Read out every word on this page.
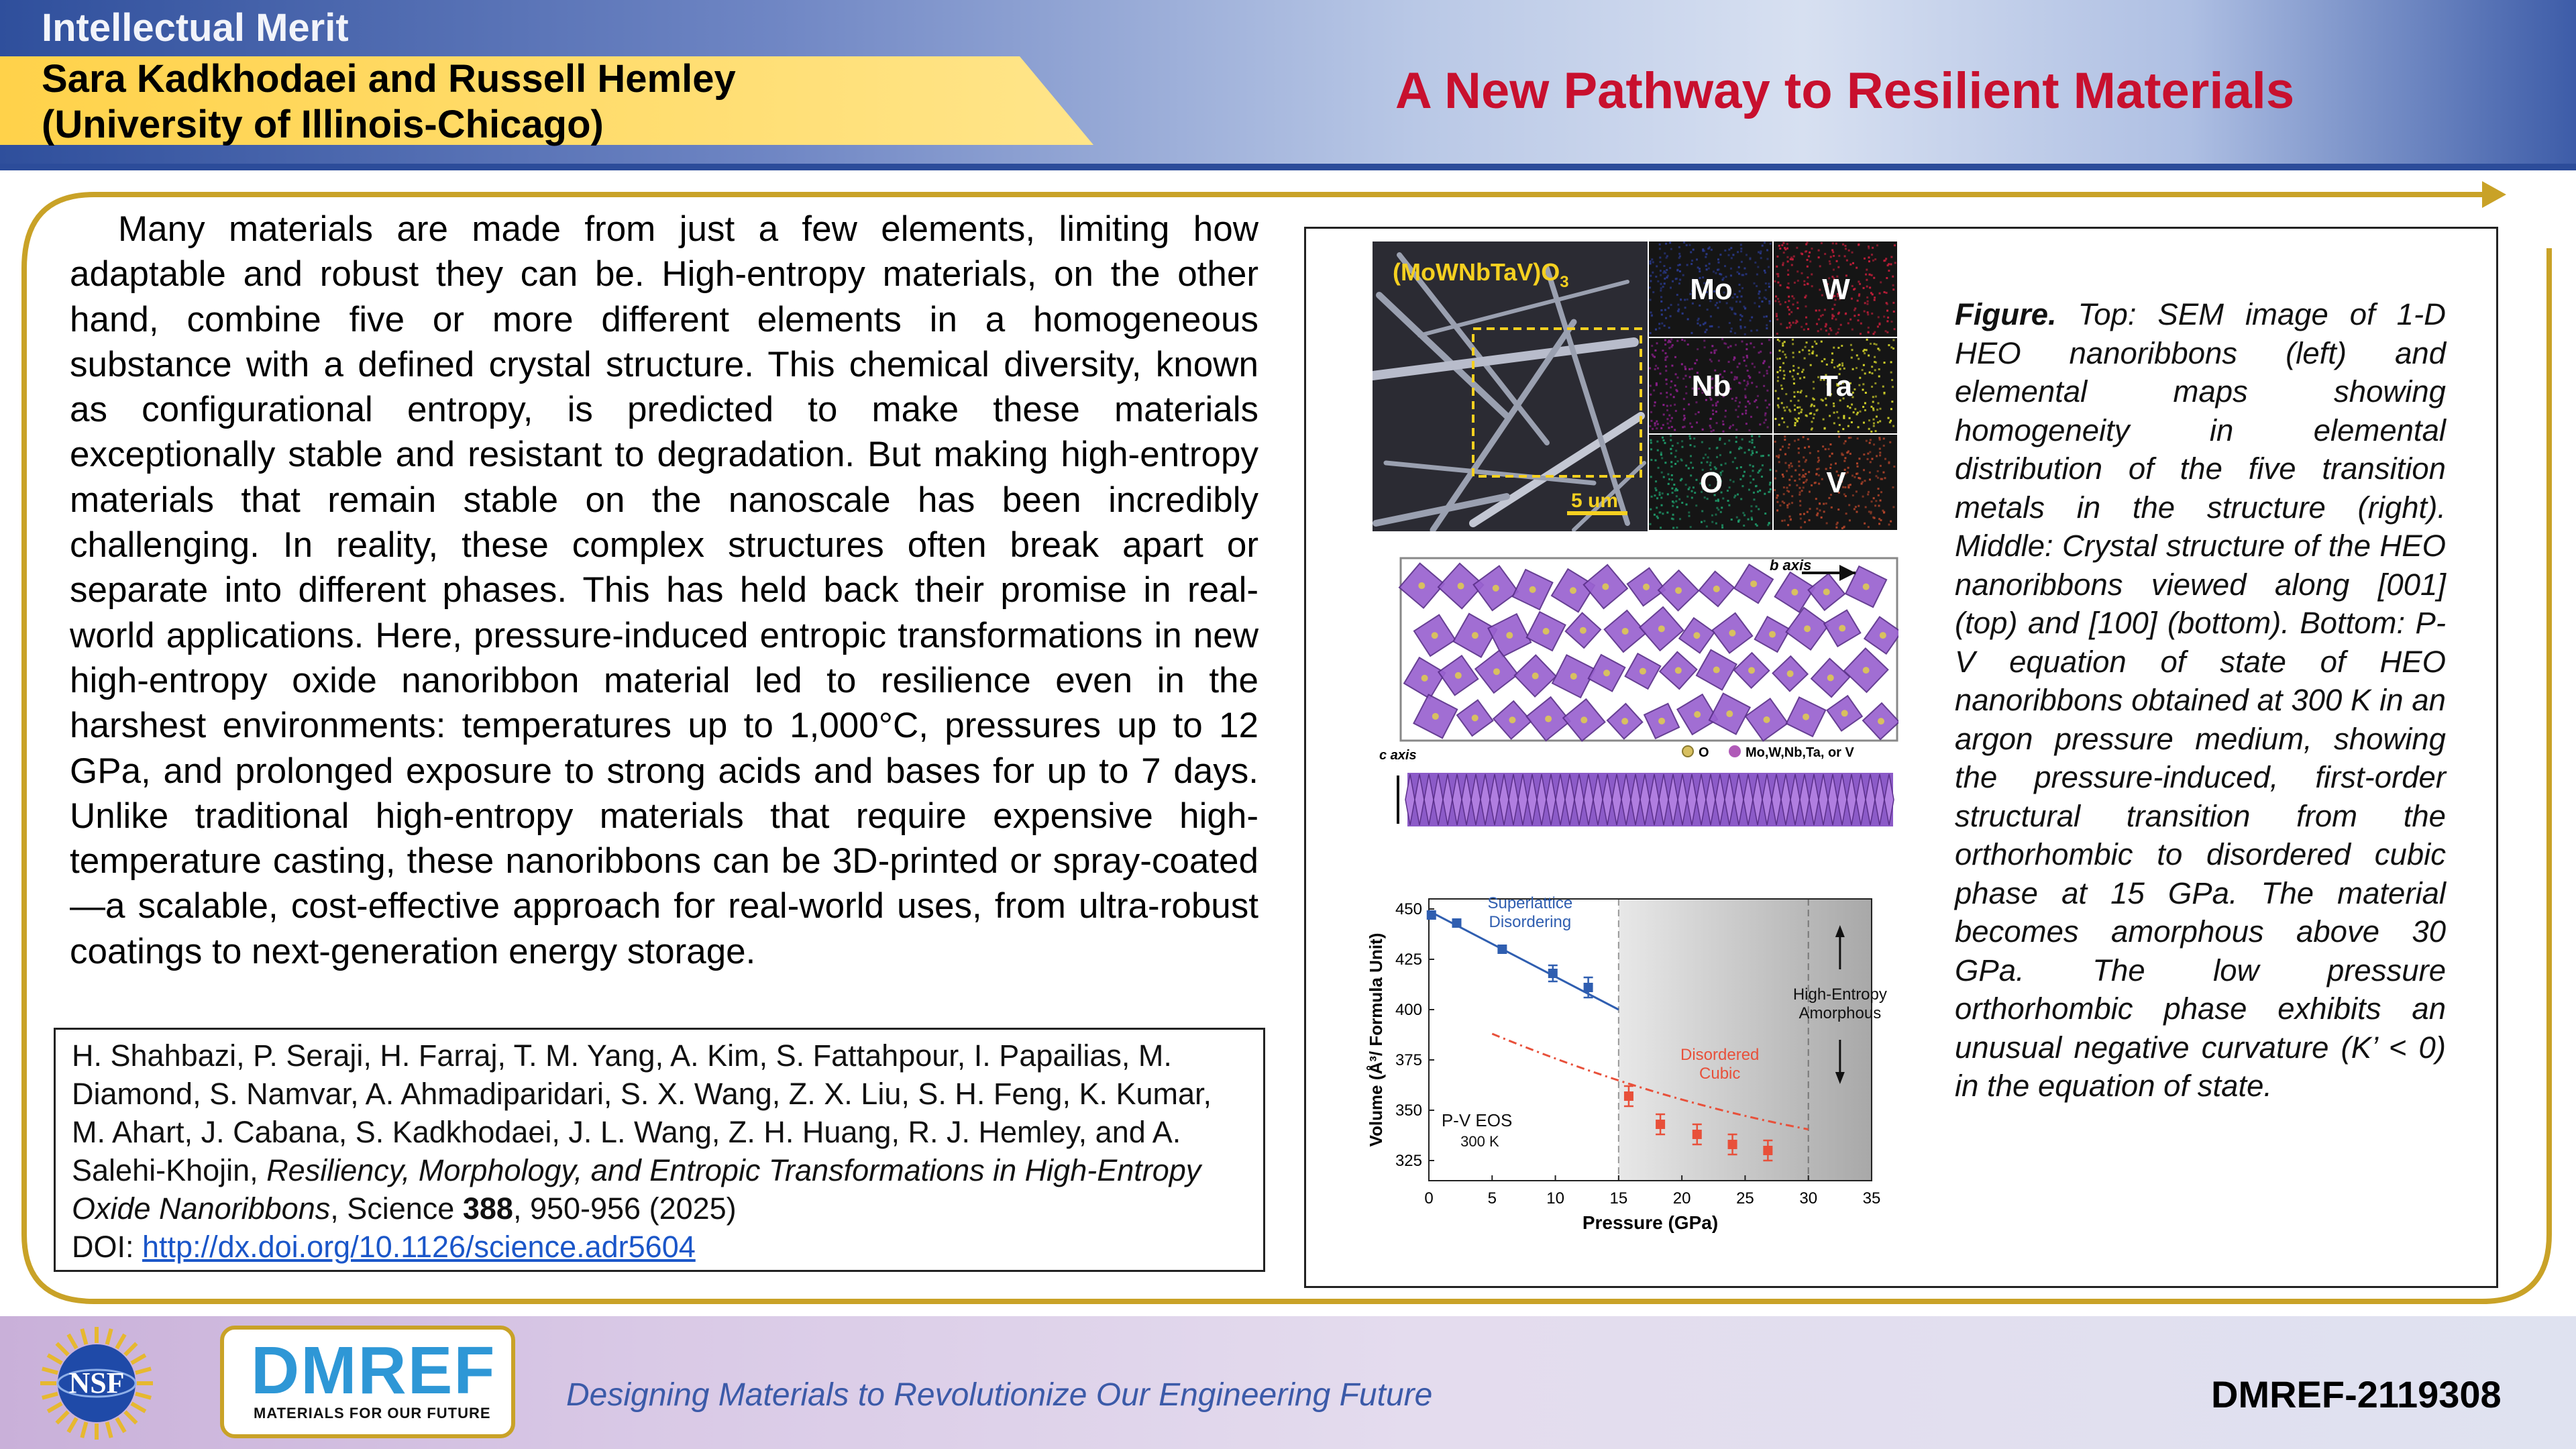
Intellectual Merit
Sara Kadkhodaei and Russell Hemley
(University of Illinois-Chicago)
A New Pathway to Resilient Materials
Many materials are made from just a few elements, limiting how adaptable and robust they can be. High-entropy materials, on the other hand, combine five or more different elements in a homogeneous substance with a defined crystal structure. This chemical diversity, known as configurational entropy, is predicted to make these materials exceptionally stable and resistant to degradation. But making high-entropy materials that remain stable on the nanoscale has been incredibly challenging. In reality, these complex structures often break apart or separate into different phases. This has held back their promise in real-world applications. Here, pressure-induced entropic transformations in new high-entropy oxide nanoribbon material led to resilience even in the harshest environments: temperatures up to 1,000°C, pressures up to 12 GPa, and prolonged exposure to strong acids and bases for up to 7 days. Unlike traditional high-entropy materials that require expensive high-temperature casting, these nanoribbons can be 3D-printed or spray-coated—a scalable, cost-effective approach for real-world uses, from ultra-robust coatings to next-generation energy storage.
H. Shahbazi, P. Seraji, H. Farraj, T. M. Yang, A. Kim, S. Fattahpour, I. Papailias, M. Diamond, S. Namvar, A. Ahmadiparidari, S. X. Wang, Z. X. Liu, S. H. Feng, K. Kumar, M. Ahart, J. Cabana, S. Kadkhodaei, J. L. Wang, Z. H. Huang, R. J. Hemley, and A. Salehi-Khojin, Resiliency, Morphology, and Entropic Transformations in High-Entropy Oxide Nanoribbons, Science 388, 950-956 (2025)
DOI: http://dx.doi.org/10.1126/science.adr5604
$(MoWNbTaV)O_3$
5 um
Mo	W
Nb	Ta
O	V
b axis
O	Mo,W,Nb,Ta, or V
c axis
0	5	10	15	20	25	30	35
325
350
375
400
425
450	Superlattice
Disordering
Disordered
Cubic
High-Entropy
Amorphous
P-V EOS
300 K
Pressure (GPa)
Volume (Å³/ Formula Unit)
Figure. Top: SEM image of 1-D HEO nanoribbons (left) and elemental maps showing homogeneity in elemental distribution of the five transition metals in the structure (right). Middle: Crystal structure of the HEO nanoribbons viewed along [001] (top) and [100] (bottom). Bottom: P-V equation of state of HEO nanoribbons obtained at 300 K in an argon pressure medium, showing the pressure-induced, first-order structural transition from the orthorhombic to disordered cubic phase at 15 GPa. The material becomes amorphous above 30 GPa. The low pressure orthorhombic phase exhibits an unusual negative curvature (K’ < 0) in the equation of state.
NSF DMREF
MATERIALS FOR OUR FUTURE
Designing Materials to Revolutionize Our Engineering Future	DMREF-2119308
